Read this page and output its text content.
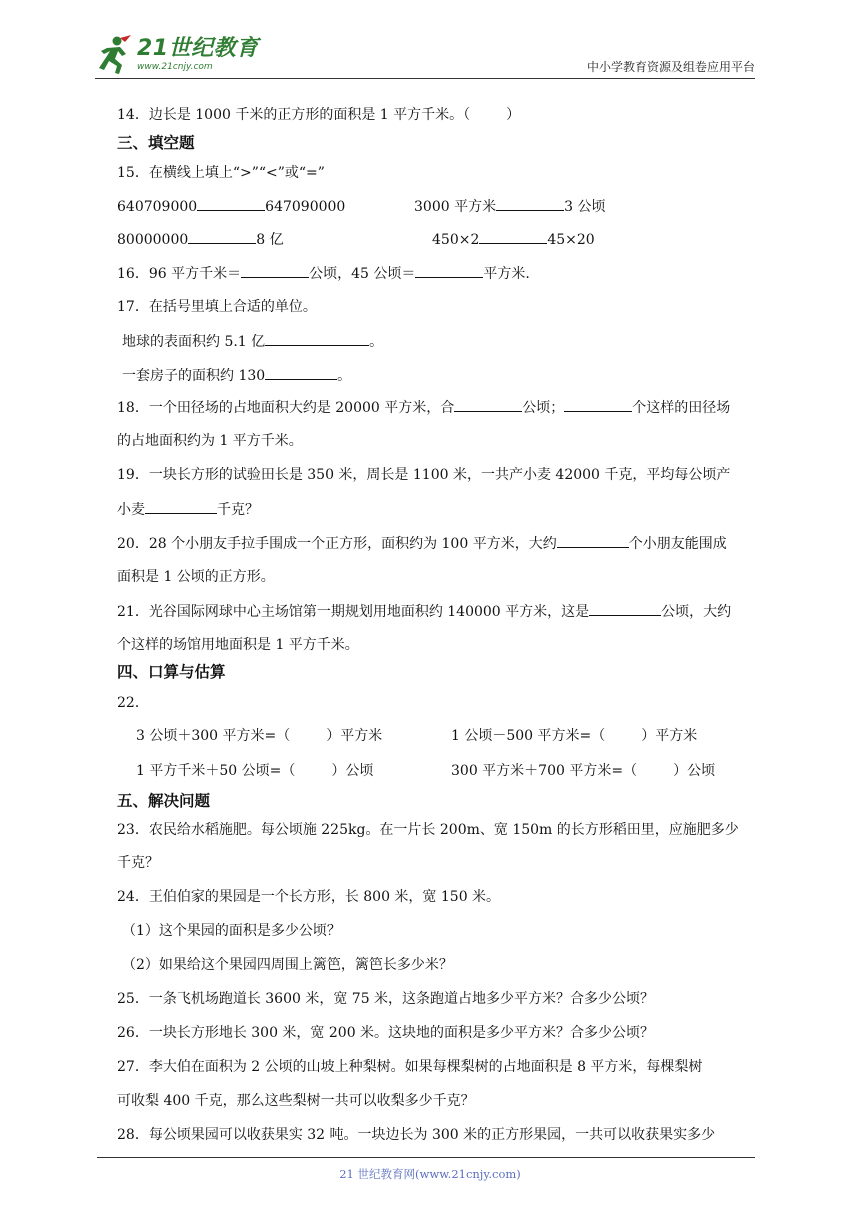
21世纪教育
www.21cnjy.com	中小学教育资源及组卷应用平台
14．边长是 1000 千米的正方形的面积是 1 平方千米。（	）
三、填空题
15．在横线上填上“>”“<”或“=”
640709000	647090000	3000 平方米	3 公顷
80000000	8 亿	450×2	45×20
16．96 平方千米＝	公顷，45 公顷＝	平方米.
17．在括号里填上合适的单位。
地球的表面积约 5.1 亿	。
一套房子的面积约 130	。
18．一个田径场的占地面积大约是 20000 平方米，合	公顷；	个这样的田径场
的占地面积约为 1 平方千米。
19．一块长方形的试验田长是 350 米，周长是 1100 米，一共产小麦 42000 千克，平均每公顷产
小麦	千克？
20．28 个小朋友手拉手围成一个正方形，面积约为 100 平方米，大约	个小朋友能围成
面积是 1 公顷的正方形。
21．光谷国际网球中心主场馆第一期规划用地面积约 140000 平方米，这是	公顷，大约
个这样的场馆用地面积是 1 平方千米。
四、口算与估算
22．
3 公顷＋300 平方米=（	）平方米	1 公顷－500 平方米=（	）平方米
1 平方千米＋50 公顷=（	）公顷	300 平方米＋700 平方米=（	）公顷
五、解决问题
23．农民给水稻施肥。每公顷施 225kg。在一片长 200m、宽 150m 的长方形稻田里，应施肥多少
千克？
24．王伯伯家的果园是一个长方形，长 800 米，宽 150 米。
（1）这个果园的面积是多少公顷？
（2）如果给这个果园四周围上篱笆，篱笆长多少米？
25．一条飞机场跑道长 3600 米，宽 75 米，这条跑道占地多少平方米？合多少公顷？
26．一块长方形地长 300 米，宽 200 米。这块地的面积是多少平方米？合多少公顷？
27．李大伯在面积为 2 公顷的山坡上种梨树。如果每棵梨树的占地面积是 8 平方米，每棵梨树
可收梨 400 千克，那么这些梨树一共可以收梨多少千克？
28．每公顷果园可以收获果实 32 吨。一块边长为 300 米的正方形果园，一共可以收获果实多少
21 世纪教育网(www.21cnjy.com)
